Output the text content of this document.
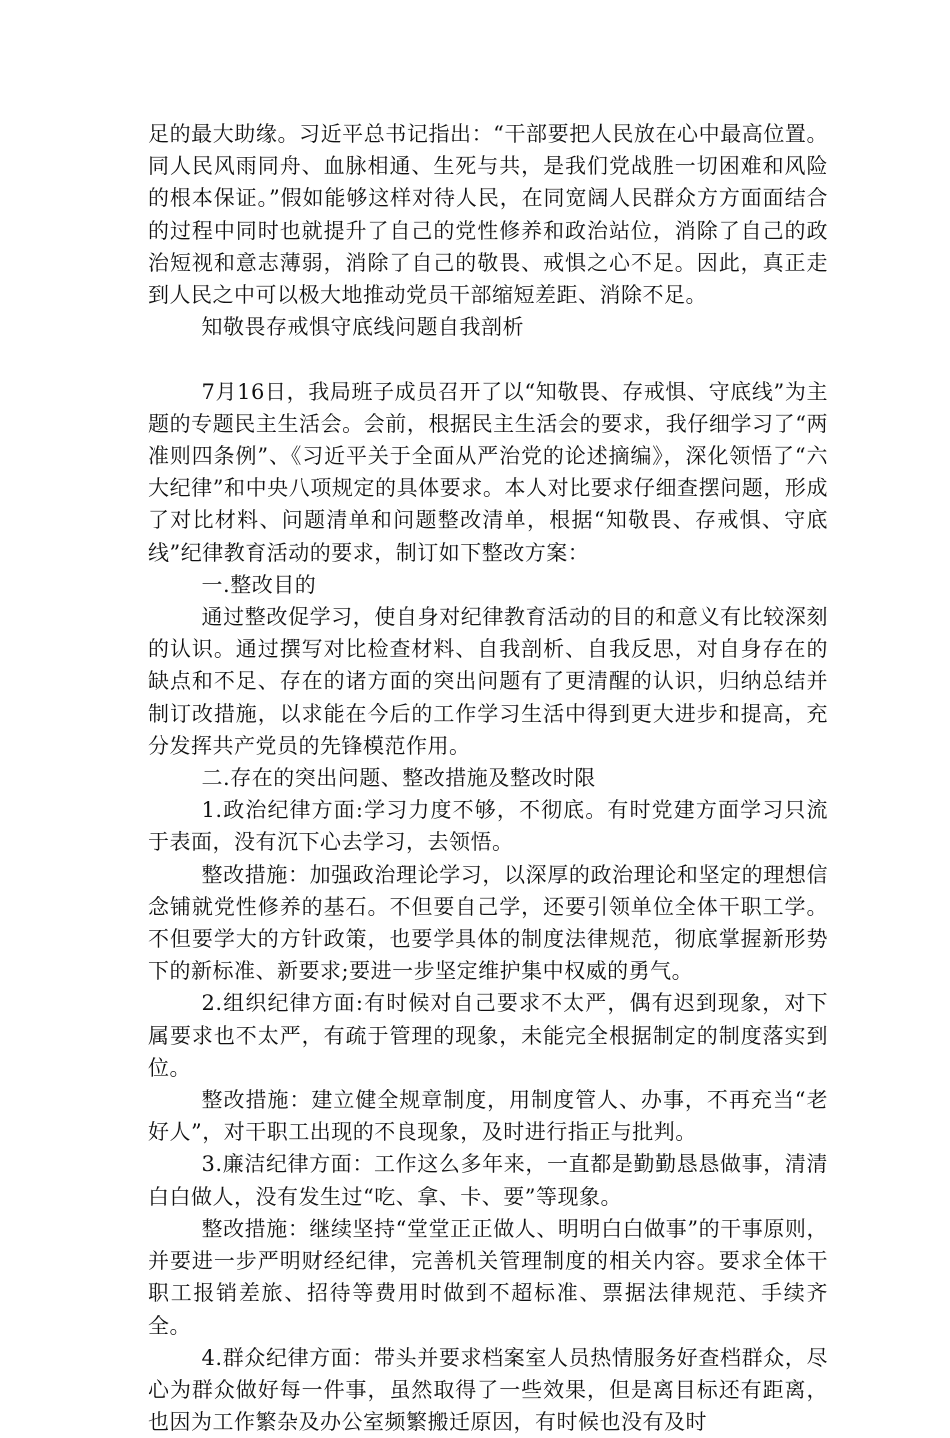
足的最大助缘。习近平总书记指出：“干部要把人民放在心中最高位置。同人民风雨同舟、血脉相通、生死与共，是我们党战胜一切困难和风险的根本保证。”假如能够这样对待人民，在同宽阔人民群众方方面面结合的过程中同时也就提升了自己的党性修养和政治站位，消除了自己的政治短视和意志薄弱，消除了自己的敬畏、戒惧之心不足。因此，真正走到人民之中可以极大地推动党员干部缩短差距、消除不足。

知敬畏存戒惧守底线问题自我剖析

7月16日，我局班子成员召开了以“知敬畏、存戒惧、守底线”为主题的专题民主生活会。会前，根据民主生活会的要求，我仔细学习了“两准则四条例”、《习近平关于全面从严治党的论述摘编》，深化领悟了“六大纪律”和中央八项规定的具体要求。本人对比要求仔细查摆问题，形成了对比材料、问题清单和问题整改清单，根据“知敬畏、存戒惧、守底线”纪律教育活动的要求，制订如下整改方案：

一.整改目的

通过整改促学习，使自身对纪律教育活动的目的和意义有比较深刻的认识。通过撰写对比检查材料、自我剖析、自我反思，对自身存在的缺点和不足、存在的诸方面的突出问题有了更清醒的认识，归纳总结并制订改措施，以求能在今后的工作学习生活中得到更大进步和提高，充分发挥共产党员的先锋模范作用。

二.存在的突出问题、整改措施及整改时限

1.政治纪律方面:学习力度不够，不彻底。有时党建方面学习只流于表面，没有沉下心去学习，去领悟。

整改措施：加强政治理论学习，以深厚的政治理论和坚定的理想信念铺就党性修养的基石。不但要自己学，还要引领单位全体干职工学。不但要学大的方针政策，也要学具体的制度法律规范，彻底掌握新形势下的新标准、新要求;要进一步坚定维护集中权威的勇气。

2.组织纪律方面:有时候对自己要求不太严，偶有迟到现象，对下属要求也不太严，有疏于管理的现象，未能完全根据制定的制度落实到位。

整改措施：建立健全规章制度，用制度管人、办事，不再充当“老好人”，对干职工出现的不良现象，及时进行指正与批判。

3.廉洁纪律方面：工作这么多年来，一直都是勤勤恳恳做事，清清白白做人，没有发生过“吃、拿、卡、要”等现象。

整改措施：继续坚持“堂堂正正做人、明明白白做事”的干事原则，并要进一步严明财经纪律，完善机关管理制度的相关内容。要求全体干职工报销差旅、招待等费用时做到不超标准、票据法律规范、手续齐全。

4.群众纪律方面：带头并要求档案室人员热情服务好查档群众，尽心为群众做好每一件事，虽然取得了一些效果，但是离目标还有距离，也因为工作繁杂及办公室频繁搬迁原因，有时候也没有及时
